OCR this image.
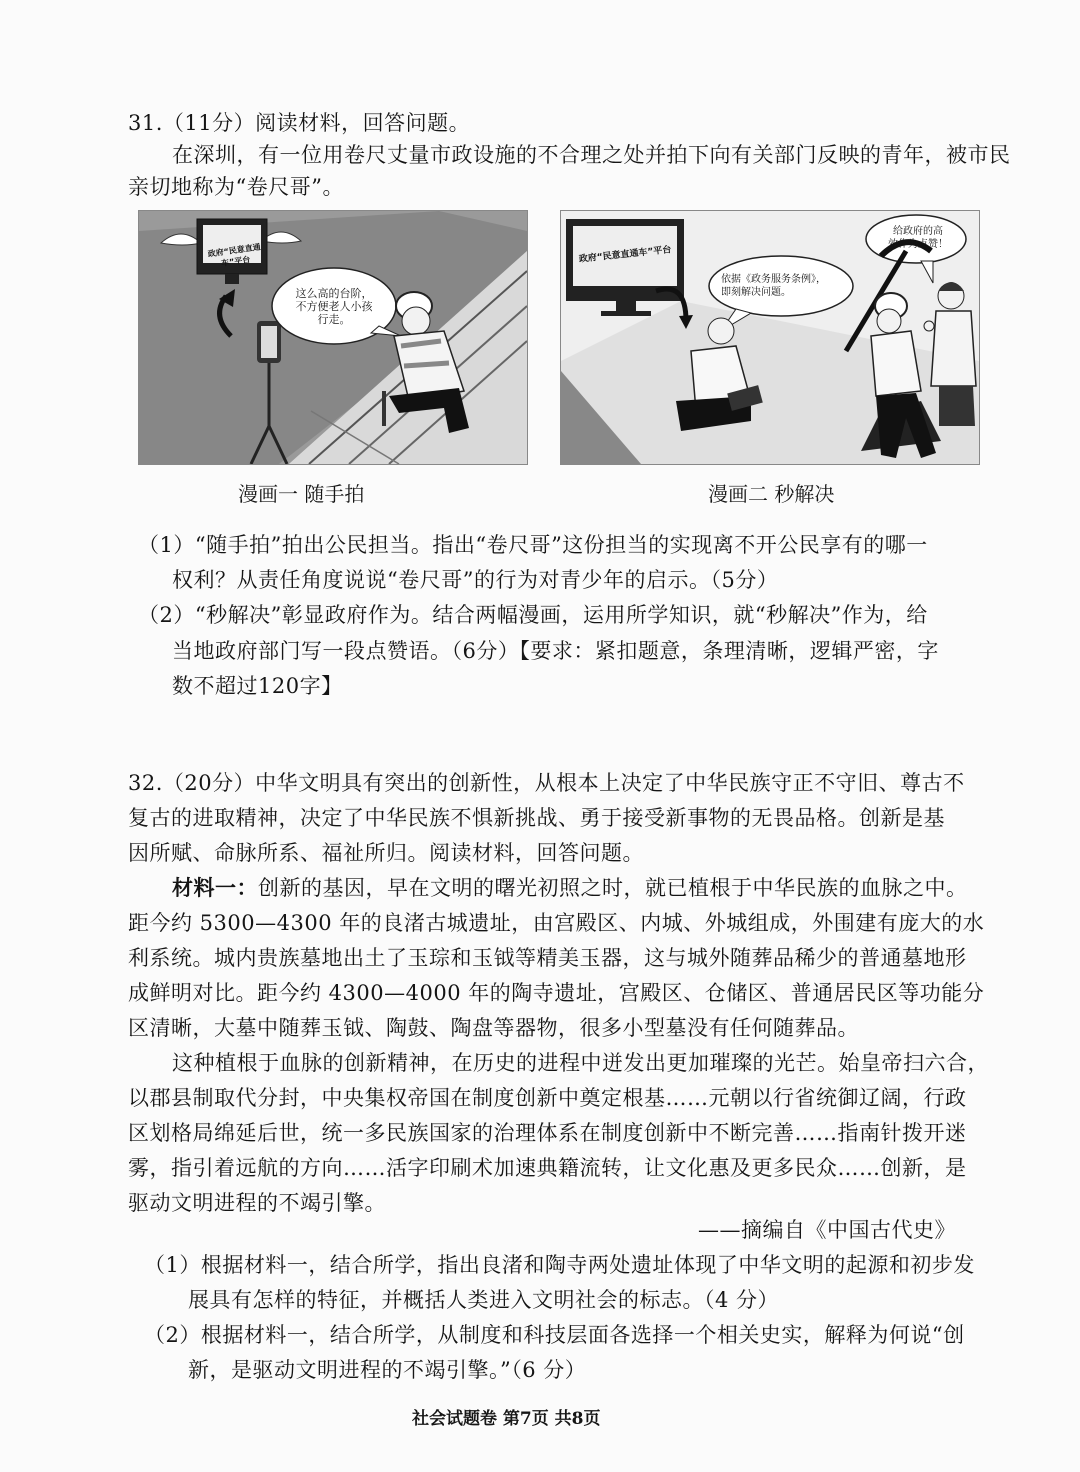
31.（11分）阅读材料，回答问题。
在深圳，有一位用卷尺丈量市政设施的不合理之处并拍下向有关部门反映的青年，被市民
亲切地称为“卷尺哥”。
这么高的台阶，
不方便老人小孩
行走。
政府“民意直通车”平台
依据《政务服务条例》，
即刻解决问题。
给政府的高
效作为点赞！
政府“民意直通车”平台
漫画一 随手拍	漫画二 秒解决
（1）“随手拍”拍出公民担当。指出“卷尺哥”这份担当的实现离不开公民享有的哪一
权利？从责任角度说说“卷尺哥”的行为对青少年的启示。（5分）
（2）“秒解决”彰显政府作为。结合两幅漫画，运用所学知识，就“秒解决”作为，给
当地政府部门写一段点赞语。（6分）【要求：紧扣题意，条理清晰，逻辑严密，字
数不超过120字】
32.（20分）中华文明具有突出的创新性，从根本上决定了中华民族守正不守旧、尊古不
复古的进取精神，决定了中华民族不惧新挑战、勇于接受新事物的无畏品格。创新是基
因所赋、命脉所系、福祉所归。阅读材料，回答问题。
材料一：创新的基因，早在文明的曙光初照之时，就已植根于中华民族的血脉之中。
距今约 5300—4300 年的良渚古城遗址，由宫殿区、内城、外城组成，外围建有庞大的水
利系统。城内贵族墓地出土了玉琮和玉钺等精美玉器，这与城外随葬品稀少的普通墓地形
成鲜明对比。距今约 4300—4000 年的陶寺遗址，宫殿区、仓储区、普通居民区等功能分
区清晰，大墓中随葬玉钺、陶鼓、陶盘等器物，很多小型墓没有任何随葬品。
这种植根于血脉的创新精神，在历史的进程中迸发出更加璀璨的光芒。始皇帝扫六合，
以郡县制取代分封，中央集权帝国在制度创新中奠定根基……元朝以行省统御辽阔，行政
区划格局绵延后世，统一多民族国家的治理体系在制度创新中不断完善……指南针拨开迷
雾，指引着远航的方向……活字印刷术加速典籍流转，让文化惠及更多民众……创新，是
驱动文明进程的不竭引擎。
——摘编自《中国古代史》
（1）根据材料一，结合所学，指出良渚和陶寺两处遗址体现了中华文明的起源和初步发
展具有怎样的特征，并概括人类进入文明社会的标志。（4 分）
（2）根据材料一，结合所学，从制度和科技层面各选择一个相关史实，解释为何说“创
新，是驱动文明进程的不竭引擎。”（6 分）
社会试题卷 第7页 共8页
